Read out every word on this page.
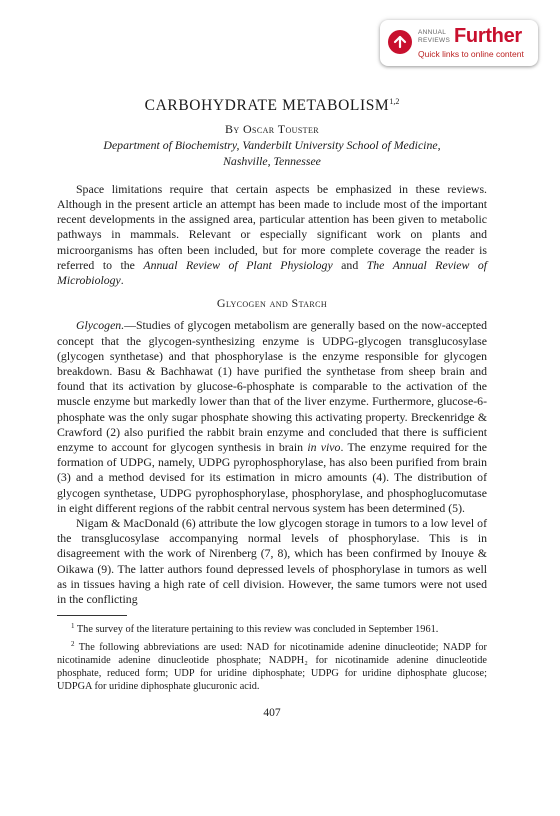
ANNUAL
REVIEWS Further
Quick links to online content
CARBOHYDRATE METABOLISM$^{1,2}$
By Oscar Touster
Department of Biochemistry, Vanderbilt University School of Medicine,
Nashville, Tennessee

Space limitations require that certain aspects be emphasized in these reviews. Although in the present article an attempt has been made to include most of the important recent developments in the assigned area, particular attention has been given to metabolic pathways in mammals. Relevant or especially significant work on plants and microorganisms has often been included, but for more complete coverage the reader is referred to the Annual Review of Plant Physiology and The Annual Review of Microbiology.

Glycogen and Starch

Glycogen.—Studies of glycogen metabolism are generally based on the now-accepted concept that the glycogen-synthesizing enzyme is UDPG-glycogen transglucosylase (glycogen synthetase) and that phosphorylase is the enzyme responsible for glycogen breakdown. Basu & Bachhawat (1) have purified the synthetase from sheep brain and found that its activation by glucose-6-phosphate is comparable to the activation of the muscle enzyme but markedly lower than that of the liver enzyme. Furthermore, glucose-6-phosphate was the only sugar phosphate showing this activating property. Breckenridge & Crawford (2) also purified the rabbit brain enzyme and concluded that there is sufficient enzyme to account for glycogen synthesis in brain in vivo. The enzyme required for the formation of UDPG, namely, UDPG pyrophosphorylase, has also been purified from brain (3) and a method devised for its estimation in micro amounts (4). The distribution of glycogen synthetase, UDPG pyrophosphorylase, phosphorylase, and phosphoglucomutase in eight different regions of the rabbit central nervous system has been determined (5).

Nigam & MacDonald (6) attribute the low glycogen storage in tumors to a low level of the transglucosylase accompanying normal levels of phosphorylase. This is in disagreement with the work of Nirenberg (7, 8), which has been confirmed by Inouye & Oikawa (9). The latter authors found depressed levels of phosphorylase in tumors as well as in tissues having a high rate of cell division. However, the same tumors were not used in the conflicting

$^1$ The survey of the literature pertaining to this review was concluded in September 1961.

$^2$ The following abbreviations are used: NAD for nicotinamide adenine dinucleotide; NADP for nicotinamide adenine dinucleotide phosphate; NADPH₂ for nicotinamide adenine dinucleotide phosphate, reduced form; UDP for uridine diphosphate; UDPG for uridine diphosphate glucose; UDPGA for uridine diphosphate glucuronic acid.

407
